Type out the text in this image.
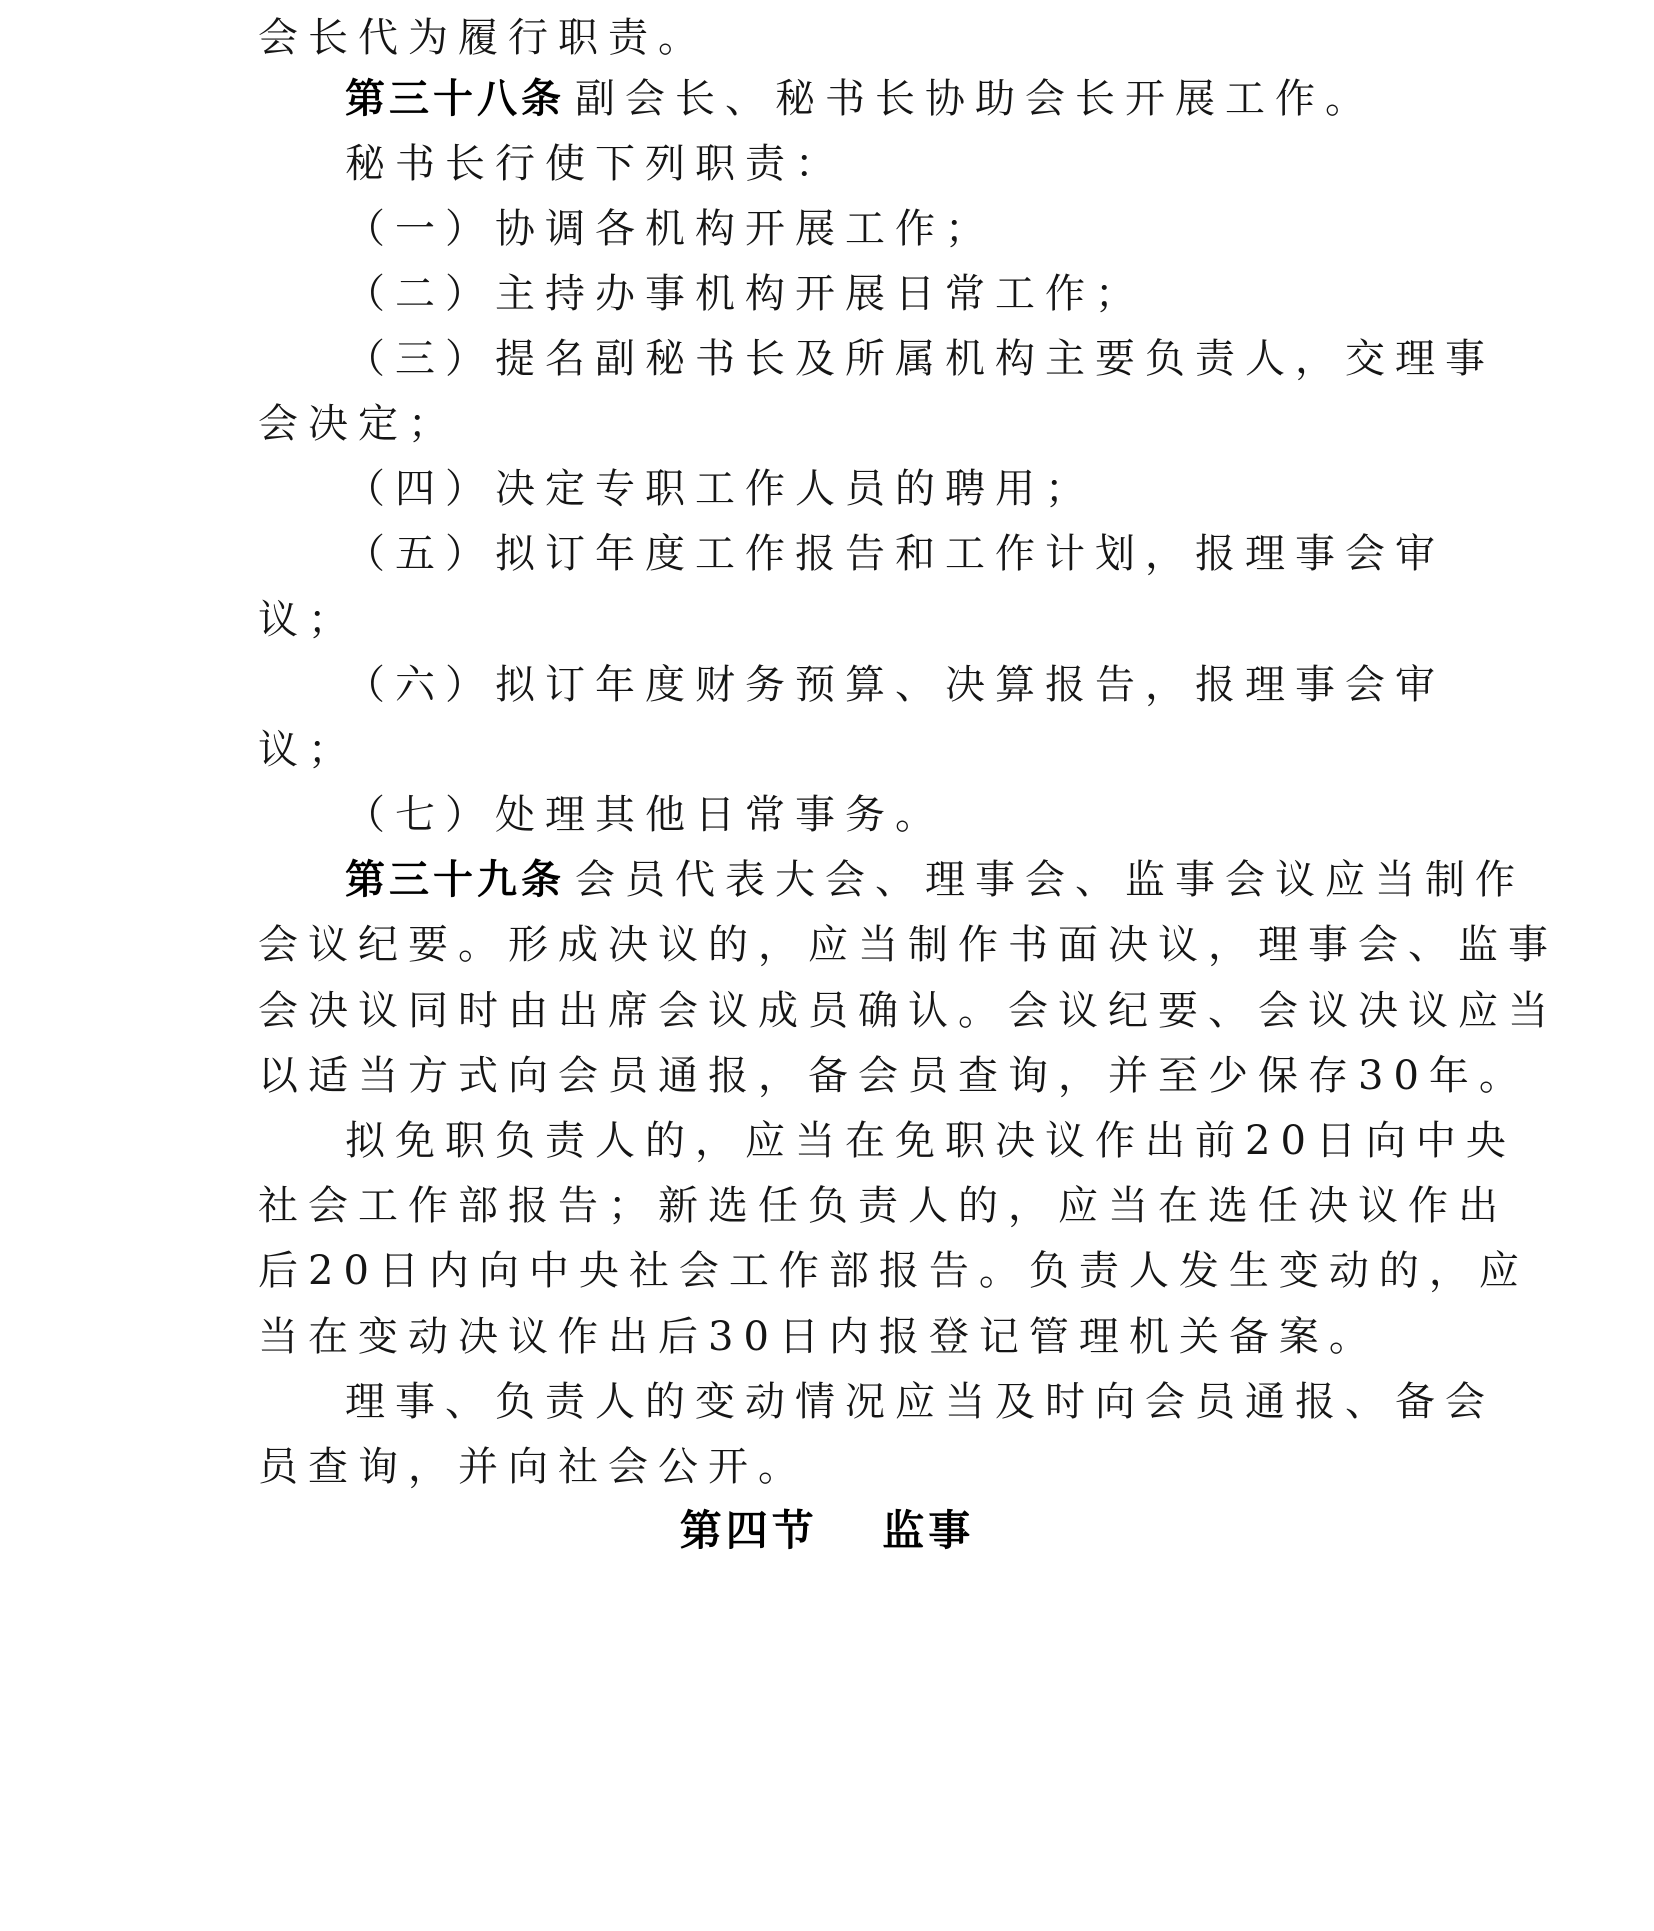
会长代为履行职责。
第三十八条 副会长、秘书长协助会长开展工作。
秘书长行使下列职责：
（一）协调各机构开展工作；
（二）主持办事机构开展日常工作；
（三）提名副秘书长及所属机构主要负责人，交理事
会决定；
（四）决定专职工作人员的聘用；
（五）拟订年度工作报告和工作计划，报理事会审
议；
（六）拟订年度财务预算、决算报告，报理事会审
议；
（七）处理其他日常事务。
第三十九条 会员代表大会、理事会、监事会议应当制作
会议纪要。形成决议的，应当制作书面决议，理事会、监事
会决议同时由出席会议成员确认。会议纪要、会议决议应当
以适当方式向会员通报，备会员查询，并至少保存30年。
拟免职负责人的，应当在免职决议作出前20日向中央
社会工作部报告；新选任负责人的，应当在选任决议作出
后20日内向中央社会工作部报告。负责人发生变动的，应
当在变动决议作出后30日内报登记管理机关备案。
理事、负责人的变动情况应当及时向会员通报、备会
员查询，并向社会公开。
第四节　 监事
